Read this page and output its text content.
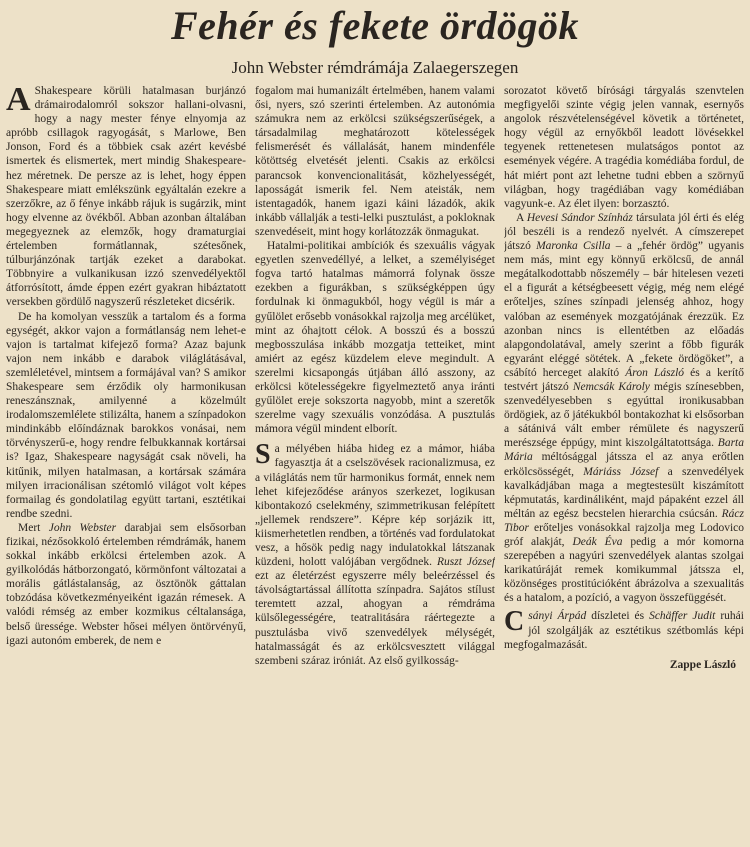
Fehér és fekete ördögök
John Webster rémdrámája Zalaegerszegen

A Shakespeare körüli hatalmasan burjánzó drámairodalomról sokszor hallani-olvasni, hogy a nagy mester fénye elnyomja az apróbb csillagok ragyogását, s Marlowe, Ben Jonson, Ford és a többiek csak azért kevésbé ismertek és elismertek, mert mindig Shakespeare-hez méretnek. De persze az is lehet, hogy éppen Shakespeare miatt emlékszünk egyáltalán ezekre a szerzőkre, az ő fénye inkább rájuk is sugárzik, mint hogy elvenne az övékből. Abban azonban általában megegyeznek az elemzők, hogy dramaturgiai értelemben formátlannak, szétesőnek, túlburjánzónak tartják ezeket a darabokat. Többnyire a vulkanikusan izzó szenvedélyektől átforrósított, ámde éppen ezért gyakran hibáztatott versekben gördülő nagyszerű részleteket dicsérik.

De ha komolyan vesszük a tartalom és a forma egységét, akkor vajon a formátlanság nem lehet-e vajon is tartalmat kifejező forma? Azaz bajunk vajon nem inkább e darabok világlátásával, szemléletével, mintsem a formájával van? S amikor Shakespeare sem érződik oly harmonikusan reneszánsznak, amilyenné a közelmúlt irodalomszemlélete stilizálta, hanem a színpadokon mindinkább előíndáznak barokkos vonásai, nem törvényszerű-e, hogy rendre felbukkannak kortársai is? Igaz, Shakespeare nagyságát csak növeli, ha kitűnik, milyen hatalmasan, a kortársak számára milyen irracionálisan szétomló világot volt képes formailag és gondolatilag együtt tartani, esztétikai rendbe szedni.

Mert John Webster darabjai sem elsősorban fizikai, nézősokkoló értelemben rémdrámák, hanem sokkal inkább erkölcsi értelemben azok. A gyilkolódás hátborzongató, körmönfont változatai a morális gátlástalanság, az ösztönök gáttalan tobzódása következményeiként igazán rémesek. A valódi rémség az ember kozmikus céltalansága, belső üressége. Webster hősei mélyen öntörvényű, igazi autonóm emberek, de nem e

fogalom mai humanizált értelmében, hanem valami ősi, nyers, szó szerinti értelemben. Az autonómia számukra nem az erkölcsi szükségszerűségek, a társadalmilag meghatározott kötelességek felismerését és vállalását, hanem mindenféle kötöttség elvetését jelenti. Csakis az erkölcsi parancsok konvencionalitását, közhelyességét, laposságát ismerik fel. Nem ateisták, nem istentagadók, hanem igazi káini lázadók, akik inkább vállalják a testi-lelki pusztulást, a pokloknak szenvedéseit, mint hogy korlátozzák önmagukat.

Hatalmi-politikai ambíciók és szexuális vágyak egyetlen szenvedéllyé, a lelket, a személyiséget fogva tartó hatalmas mámorrá folynak össze ezekben a figurákban, s szükségképpen úgy fordulnak ki önmagukból, hogy végül is már a gyűlölet erősebb vonásokkal rajzolja meg arcélüket, mint az óhajtott célok. A bosszú és a bosszú megbosszulása inkább mozgatja tetteiket, mint amiért az egész küzdelem eleve megindult. A szerelmi kicsapongás útjában álló asszony, az erkölcsi kötelességekre figyelmeztető anya iránti gyűlölet ereje sokszorta nagyobb, mint a szeretők szerelme vagy szexuális vonzódása. A pusztulás mámora végül mindent elborít.

Sa mélyében hiába hideg ez a mámor, hiába fagyasztja át a cselszövések racionalizmusa, ez a világlátás nem tűr harmonikus formát, ennek nem lehet kifejeződése arányos szerkezet, logikusan kibontakozó cselekmény, szimmetrikusan felépített „jellemek rendszere”. Képre kép sorjázik itt, kiismerhetetlen rendben, a történés vad fordulatokat vesz, a hősök pedig nagy indulatokkal látszanak küzdeni, holott valójában vergődnek. Ruszt József ezt az életérzést egyszerre mély beleérzéssel és távolságtartással állította színpadra. Sajátos stílust teremtett azzal, ahogyan a rémdráma külsőlegességére, teatralitására ráértegezte a pusztulásba vivő szenvedélyek mélységét, hatalmasságát és az erkölcsvesztett világgal szembeni száraz iróniát. Az első gyilkosság-

sorozatot követő bírósági tárgyalás szenvtelen megfigyelői szinte végig jelen vannak, esernyős angolok részvételenségével követik a történetet, hogy végül az ernyőkből leadott lövésekkel tegyenek rettenetesen mulatságos pontot az események végére. A tragédia komédiába fordul, de hát miért pont azt lehetne tudni ebben a szörnyű világban, hogy tragédiában vagy komédiában vagyunk-e. Az élet ilyen: borzasztó.

A Hevesi Sándor Színház társulata jól érti és elég jól beszéli is a rendező nyelvét. A címszerepet játszó Maronka Csilla – a „fehér ördög” ugyanis nem más, mint egy könnyű erkölcsű, de annál megátalkodottabb nőszemély – bár hitelesen vezeti el a figurát a kétségbeesett végig, még nem elégé erőteljes, színes színpadi jelenség ahhoz, hogy valóban az események mozgatójának érezzük. Ez azonban nincs is ellentétben az előadás alapgondolatával, amely szerint a főbb figurák egyaránt eléggé sötétek. A „fekete ördögöket”, a csábító herceget alakító Áron László és a kerítő testvért játszó Nemcsák Károly mégis színesebben, szenvedélyesebben s egyúttal ironikusabban ördögiek, az ő játékukból bontakozhat ki elsősorban a sátánivá vált ember rémülete és nagyszerű merészsége éppúgy, mint kiszolgáltatottsága. Barta Mária méltósággal játssza el az anya erőtlen erkölcsösségét, Máriáss József a szenvedélyek kavalkádjában maga a megtestesült kiszámított képmutatás, kardináliként, majd pápaként ezzel áll méltán az egész becstelen hierarchia csúcsán. Rácz Tibor erőteljes vonásokkal rajzolja meg Lodovico gróf alakját, Deák Éva pedig a mór komorna szerepében a nagyúri szenvedélyek alantas szolgai karikatúráját remek komikummal játssza el, közönséges prostitúcióként ábrázolva a szexualitás és a hatalom, a pozíció, a vagyon összefüggését.

Csányi Árpád díszletei és Schäffer Judit ruhái jól szolgálják az esztétikus szétbomlás képi megfogalmazását.

Zappe László
